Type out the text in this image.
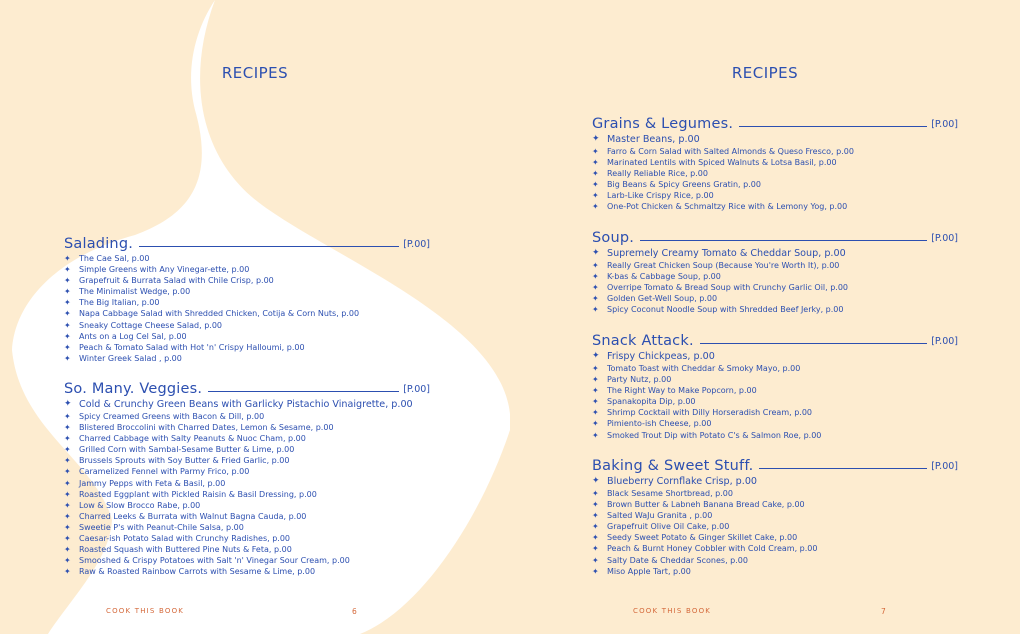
RECIPES
Salading.	[P.00]
✦ The Cae Sal, p.00
✦ Simple Greens with Any Vinegar-ette, p.00
✦ Grapefruit & Burrata Salad with Chile Crisp, p.00
✦ The Minimalist Wedge, p.00
✦ The Big Italian, p.00
✦ Napa Cabbage Salad with Shredded Chicken, Cotija & Corn Nuts, p.00
✦ Sneaky Cottage Cheese Salad, p.00
✦ Ants on a Log Cel Sal, p.00
✦ Peach & Tomato Salad with Hot 'n' Crispy Halloumi, p.00
✦ Winter Greek Salad , p.00
So. Many. Veggies.	[P.00]
✦ Cold & Crunchy Green Beans with Garlicky Pistachio Vinaigrette, p.00
✦ Spicy Creamed Greens with Bacon & Dill, p.00
✦ Blistered Broccolini with Charred Dates, Lemon & Sesame, p.00
✦ Charred Cabbage with Salty Peanuts & Nuoc Cham, p.00
✦ Grilled Corn with Sambal-Sesame Butter & Lime, p.00
✦ Brussels Sprouts with Soy Butter & Fried Garlic, p.00
✦ Caramelized Fennel with Parmy Frico, p.00
✦ Jammy Pepps with Feta & Basil, p.00
✦ Roasted Eggplant with Pickled Raisin & Basil Dressing, p.00
✦ Low & Slow Brocco Rabe, p.00
✦ Charred Leeks & Burrata with Walnut Bagna Cauda, p.00
✦ Sweetie P's with Peanut-Chile Salsa, p.00
✦ Caesar-ish Potato Salad with Crunchy Radishes, p.00
✦ Roasted Squash with Buttered Pine Nuts & Feta, p.00
✦ Smooshed & Crispy Potatoes with Salt 'n' Vinegar Sour Cream, p.00
✦ Raw & Roasted Rainbow Carrots with Sesame & Lime, p.00
COOK THIS BOOK	6
RECIPES
Grains & Legumes.	[P.00]
✦ Master Beans, p.00
✦ Farro & Corn Salad with Salted Almonds & Queso Fresco, p.00
✦ Marinated Lentils with Spiced Walnuts & Lotsa Basil, p.00
✦ Really Reliable Rice, p.00
✦ Big Beans & Spicy Greens Gratin, p.00
✦ Larb-Like Crispy Rice, p.00
✦ One-Pot Chicken & Schmaltzy Rice with & Lemony Yog, p.00
Soup.	[P.00]
✦ Supremely Creamy Tomato & Cheddar Soup, p.00
✦ Really Great Chicken Soup (Because You're Worth It), p.00
✦ K-bas & Cabbage Soup, p.00
✦ Overripe Tomato & Bread Soup with Crunchy Garlic Oil, p.00
✦ Golden Get-Well Soup, p.00
✦ Spicy Coconut Noodle Soup with Shredded Beef Jerky, p.00
Snack Attack.	[P.00]
✦ Frispy Chickpeas, p.00
✦ Tomato Toast with Cheddar & Smoky Mayo, p.00
✦ Party Nutz, p.00
✦ The Right Way to Make Popcorn, p.00
✦ Spanakopita Dip, p.00
✦ Shrimp Cocktail with Dilly Horseradish Cream, p.00
✦ Pimiento-ish Cheese, p.00
✦ Smoked Trout Dip with Potato C's & Salmon Roe, p.00
Baking & Sweet Stuff.	[P.00]
✦ Blueberry Cornflake Crisp, p.00
✦ Black Sesame Shortbread, p.00
✦ Brown Butter & Labneh Banana Bread Cake, p.00
✦ Salted WaJu Granita , p.00
✦ Grapefruit Olive Oil Cake, p.00
✦ Seedy Sweet Potato & Ginger Skillet Cake, p.00
✦ Peach & Burnt Honey Cobbler with Cold Cream, p.00
✦ Salty Date & Cheddar Scones, p.00
✦ Miso Apple Tart, p.00
COOK THIS BOOK	7
